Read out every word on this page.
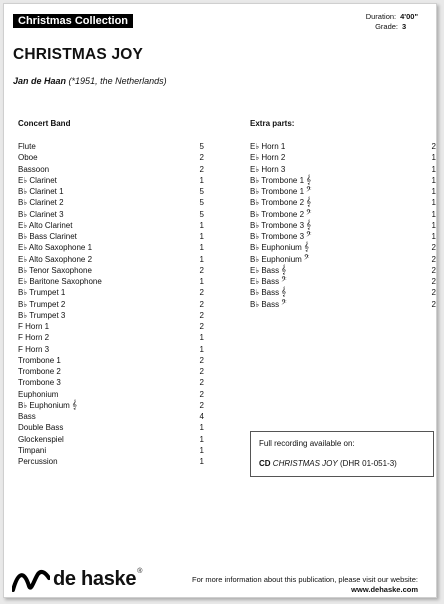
Christmas Collection	Duration: 4'00"
Grade: 3
CHRISTMAS JOY
Jan de Haan (*1951, the Netherlands)
Concert Band
Flute	5
Oboe	2
Bassoon	2
E♭ Clarinet	1
B♭ Clarinet 1	5
B♭ Clarinet 2	5
B♭ Clarinet 3	5
E♭ Alto Clarinet	1
B♭ Bass Clarinet	1
E♭ Alto Saxophone 1	1
E♭ Alto Saxophone 2	1
B♭ Tenor Saxophone	2
E♭ Baritone Saxophone	1
B♭ Trumpet 1	2
B♭ Trumpet 2	2
B♭ Trumpet 3	2
F Horn 1	2
F Horn 2	1
F Horn 3	1
Trombone 1	2
Trombone 2	2
Trombone 3	2
Euphonium	2
B♭ Euphonium 𝄞	2
Bass	4
Double Bass	1
Glockenspiel	1
Timpani	1
Percussion	1
Extra parts:
E♭ Horn 1	2
E♭ Horn 2	1
E♭ Horn 3	1
B♭ Trombone 1 𝄞	1
B♭ Trombone 1 𝄢	1
B♭ Trombone 2 𝄞	1
B♭ Trombone 2 𝄢	1
B♭ Trombone 3 𝄞	1
B♭ Trombone 3 𝄢	1
B♭ Euphonium 𝄞	2
B♭ Euphonium 𝄢	2
E♭ Bass 𝄞	2
E♭ Bass 𝄢	2
B♭ Bass 𝄞	2
B♭ Bass 𝄢	2
Full recording available on:
CD CHRISTMAS JOY (DHR 01-051-3)
de haske ®
For more information about this publication, please visit our website:
www.dehaske.com
